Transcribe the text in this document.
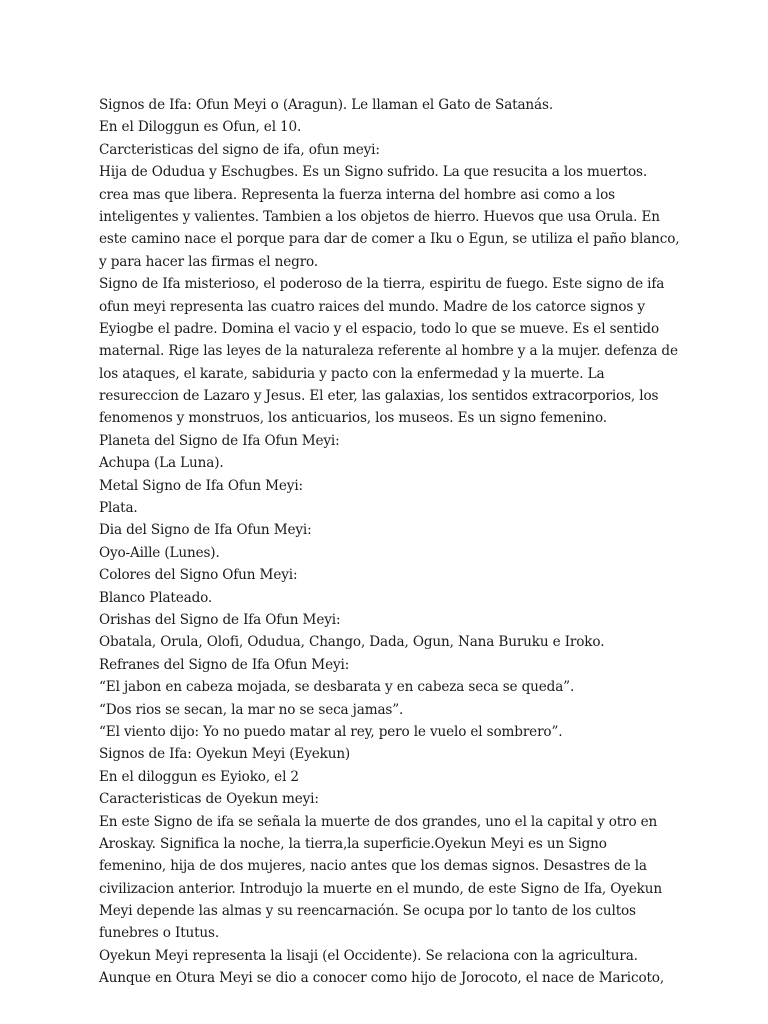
Signos de Ifa: Ofun Meyi o (Aragun). Le llaman el Gato de Satanás.
En el Diloggun es Ofun, el 10.
Carcteristicas del signo de ifa, ofun meyi:
Hija de Odudua y Eschugbes. Es un Signo sufrido. La que resucita a los muertos.
crea mas que libera. Representa la fuerza interna del hombre asi como a los
inteligentes y valientes. Tambien a los objetos de hierro. Huevos que usa Orula. En
este camino nace el porque para dar de comer a Iku o Egun, se utiliza el paño blanco,
y para hacer las firmas el negro.
Signo de Ifa misterioso, el poderoso de la tierra, espiritu de fuego. Este signo de ifa
ofun meyi representa las cuatro raices del mundo. Madre de los catorce signos y
Eyiogbe el padre. Domina el vacio y el espacio, todo lo que se mueve. Es el sentido
maternal. Rige las leyes de la naturaleza referente al hombre y a la mujer. defenza de
los ataques, el karate, sabiduria y pacto con la enfermedad y la muerte. La
resureccion de Lazaro y Jesus. El eter, las galaxias, los sentidos extracorporios, los
fenomenos y monstruos, los anticuarios, los museos. Es un signo femenino.
Planeta del Signo de Ifa Ofun Meyi:
Achupa (La Luna).
Metal Signo de Ifa Ofun Meyi:
Plata.
Dia del Signo de Ifa Ofun Meyi:
Oyo-Aille (Lunes).
Colores del Signo Ofun Meyi:
Blanco Plateado.
Orishas del Signo de Ifa Ofun Meyi:
Obatala, Orula, Olofi, Odudua, Chango, Dada, Ogun, Nana Buruku e Iroko.
Refranes del Signo de Ifa Ofun Meyi:
“El jabon en cabeza mojada, se desbarata y en cabeza seca se queda”.
“Dos rios se secan, la mar no se seca jamas”.
“El viento dijo: Yo no puedo matar al rey, pero le vuelo el sombrero”.
Signos de Ifa: Oyekun Meyi (Eyekun)
En el diloggun es Eyioko, el 2
Caracteristicas de Oyekun meyi:
En este Signo de ifa se señala la muerte de dos grandes, uno el la capital y otro en
Aroskay. Significa la noche, la tierra,la superficie.Oyekun Meyi es un Signo
femenino, hija de dos mujeres, nacio antes que los demas signos. Desastres de la
civilizacion anterior. Introdujo la muerte en el mundo, de este Signo de Ifa, Oyekun
Meyi depende las almas y su reencarnación. Se ocupa por lo tanto de los cultos
funebres o Itutus.
Oyekun Meyi representa la lisaji (el Occidente). Se relaciona con la agricultura.
Aunque en Otura Meyi se dio a conocer como hijo de Jorocoto, el nace de Maricoto,
